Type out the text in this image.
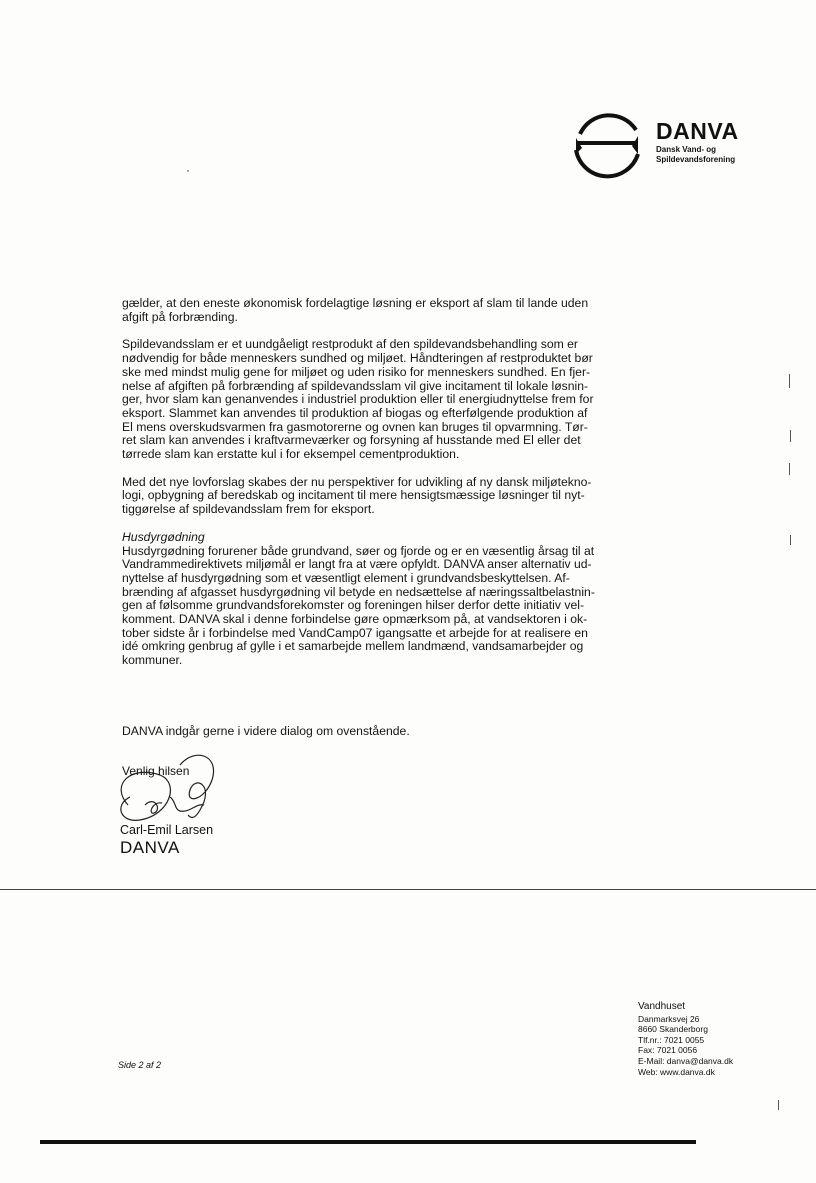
DANVA
Dansk Vand- og
Spildevandsforening
·

gælder, at den eneste økonomisk fordelagtige løsning er eksport af slam til lande uden
afgift på forbrænding.

Spildevandsslam er et uundgåeligt restprodukt af den spildevandsbehandling som er
nødvendig for både menneskers sundhed og miljøet. Håndteringen af restproduktet bør
ske med mindst mulig gene for miljøet og uden risiko for menneskers sundhed. En fjer-
nelse af afgiften på forbrænding af spildevandsslam vil give incitament til lokale løsnin-
ger, hvor slam kan genanvendes i industriel produktion eller til energiudnyttelse frem for
eksport. Slammet kan anvendes til produktion af biogas og efterfølgende produktion af
El mens overskudsvarmen fra gasmotorerne og ovnen kan bruges til opvarmning. Tør-
ret slam kan anvendes i kraftvarmeværker og forsyning af husstande med El eller det
tørrede slam kan erstatte kul i for eksempel cementproduktion.

Med det nye lovforslag skabes der nu perspektiver for udvikling af ny dansk miljøtekno-
logi, opbygning af beredskab og incitament til mere hensigtsmæssige løsninger til nyt-
tiggørelse af spildevandsslam frem for eksport.

Husdyrgødning
Husdyrgødning forurener både grundvand, søer og fjorde og er en væsentlig årsag til at
Vandrammedirektivets miljømål er langt fra at være opfyldt. DANVA anser alternativ ud-
nyttelse af husdyrgødning som et væsentligt element i grundvandsbeskyttelsen. Af-
brænding af afgasset husdyrgødning vil betyde en nedsættelse af næringssaltbelastnin-
gen af følsomme grundvandsforekomster og foreningen hilser derfor dette initiativ vel-
komment. DANVA skal i denne forbindelse gøre opmærksom på, at vandsektoren i ok-
tober sidste år i forbindelse med VandCamp07 igangsatte et arbejde for at realisere en
idé omkring genbrug af gylle i et samarbejde mellem landmænd, vandsamarbejder og
kommuner.

DANVA indgår gerne i videre dialog om ovenstående.
Venlig hilsen
Carl-Emil Larsen
DANVA
Vandhuset
Danmarksvej 26
8660 Skanderborg
Tlf.nr.: 7021 0055
Fax: 7021 0056
E-Mail: danva@danva.dk
Web: www.danva.dk
Side 2 af 2
